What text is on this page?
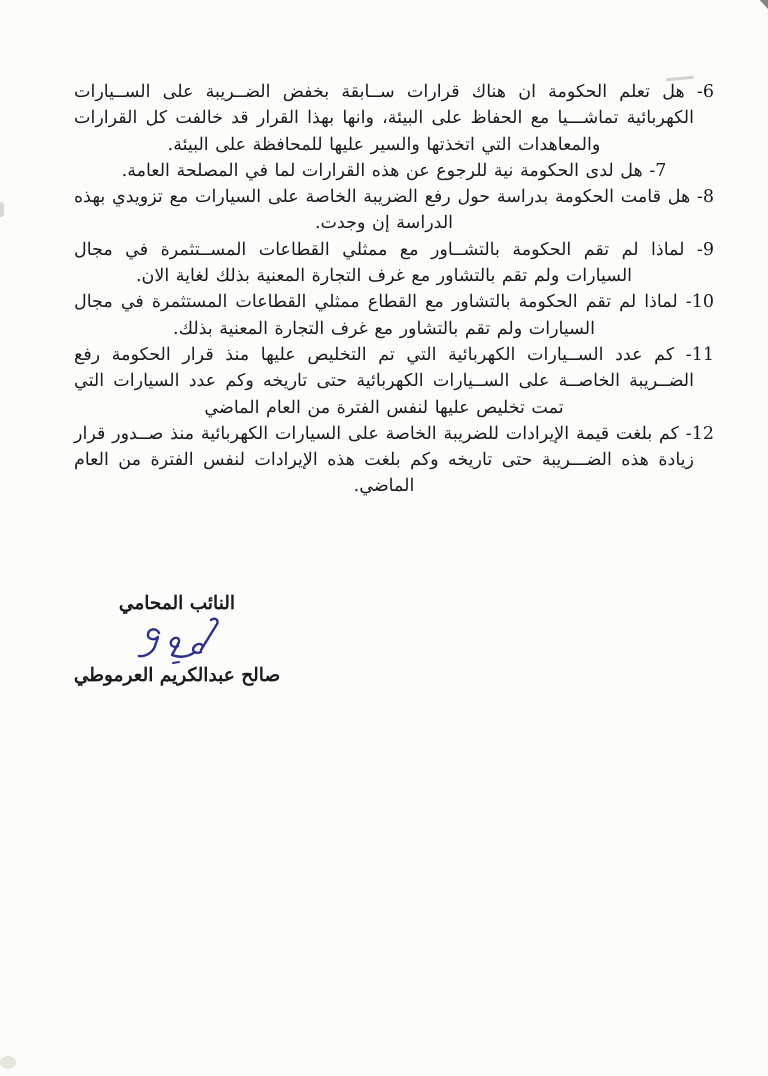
6- هل تعلم الحكومة ان هناك قرارات ســابقة بخفض الضــريبة على الســيارات الكهربائية تماشـــيا مع الحفاظ على البيئة، وانها بهذا القرار قد خالفت كل القرارات والمعاهدات التي اتخذتها والسير عليها للمحافظة على البيئة.

7- هل لدى الحكومة نية للرجوع عن هذه القرارات لما في المصلحة العامة.

8- هل قامت الحكومة بدراسة حول رفع الضريبة الخاصة على السيارات مع تزويدي بهذه الدراسة إن وجدت.

9- لماذا لم تقم الحكومة بالتشــاور مع ممثلي القطاعات المســتثمرة في مجال السيارات ولم تقم بالتشاور مع غرف التجارة المعنية بذلك لغاية الان.

10- لماذا لم تقم الحكومة بالتشاور مع القطاع ممثلي القطاعات المستثمرة في مجال السيارات ولم تقم بالتشاور مع غرف التجارة المعنية بذلك.

11- كم عدد الســيارات الكهربائية التي تم التخليص عليها منذ قرار الحكومة رفع الضــريبة الخاصــة على الســيارات الكهربائية حتى تاريخه وكم عدد السيارات التي تمت تخليص عليها لنفس الفترة من العام الماضي

12- كم بلغت قيمة الإيرادات للضريبة الخاصة على السيارات الكهربائية منذ صــدور قرار زيادة هذه الضـــريبة حتى تاريخه وكم بلغت هذه الإيرادات لنفس الفترة من العام الماضي.

النائب المحامي
صالح عبدالكريم العرموطي
